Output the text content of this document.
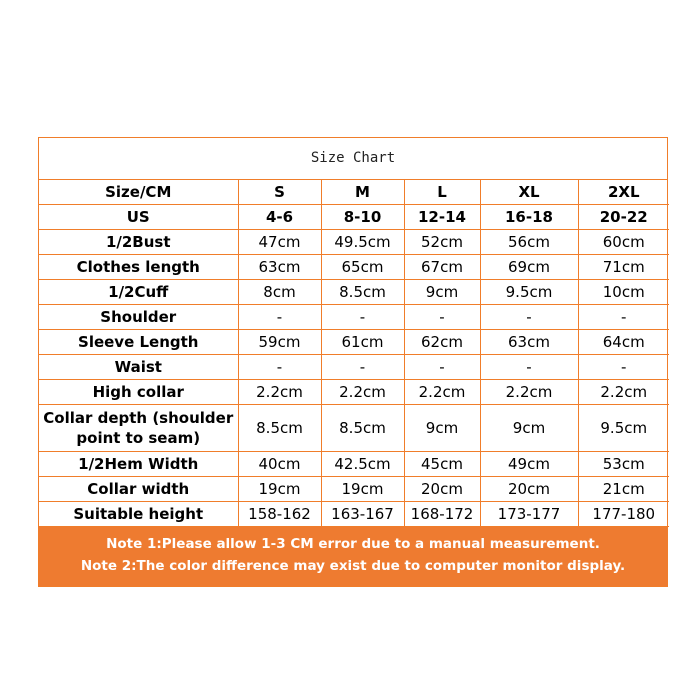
Size Chart
Size/CM	S	M	L	XL	2XL
US	4-6	8-10	12-14	16-18	20-22
1/2Bust	47cm	49.5cm	52cm	56cm	60cm
Clothes length	63cm	65cm	67cm	69cm	71cm
1/2Cuff	8cm	8.5cm	9cm	9.5cm	10cm
Shoulder	-	-	-	-	-
Sleeve Length	59cm	61cm	62cm	63cm	64cm
Waist	-	-	-	-	-
High collar	2.2cm	2.2cm	2.2cm	2.2cm	2.2cm
Collar depth (shoulder point to seam)	8.5cm	8.5cm	9cm	9cm	9.5cm
1/2Hem Width	40cm	42.5cm	45cm	49cm	53cm
Collar width	19cm	19cm	20cm	20cm	21cm
Suitable height	158-162	163-167	168-172	173-177	177-180
Note 1:Please allow 1-3 CM error due to a manual measurement.
Note 2:The color difference may exist due to computer monitor display.
